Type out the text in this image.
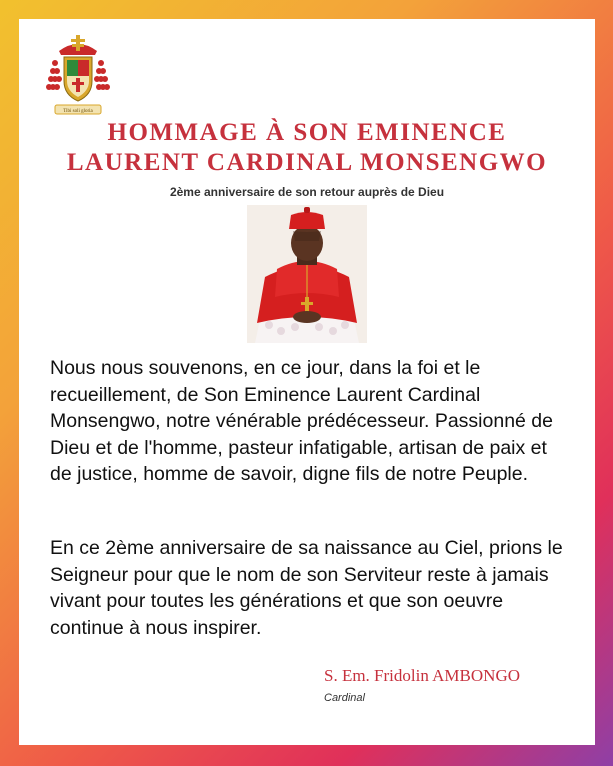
Tibi soli gloria
HOMMAGE À SON EMINENCE
LAURENT CARDINAL MONSENGWO
2ème anniversaire de son retour auprès de Dieu

Nous nous souvenons, en ce jour, dans la foi et le recueillement, de Son Eminence Laurent Cardinal Monsengwo, notre vénérable prédécesseur. Passionné de Dieu et de l'homme, pasteur infatigable, artisan de paix et de justice, homme de savoir, digne fils de notre Peuple.

En ce 2ème anniversaire de sa naissance au Ciel, prions le Seigneur pour que le nom de son Serviteur reste à jamais vivant pour toutes les générations et que son oeuvre continue à nous inspirer.

S. Em. Fridolin AMBONGO
Cardinal
